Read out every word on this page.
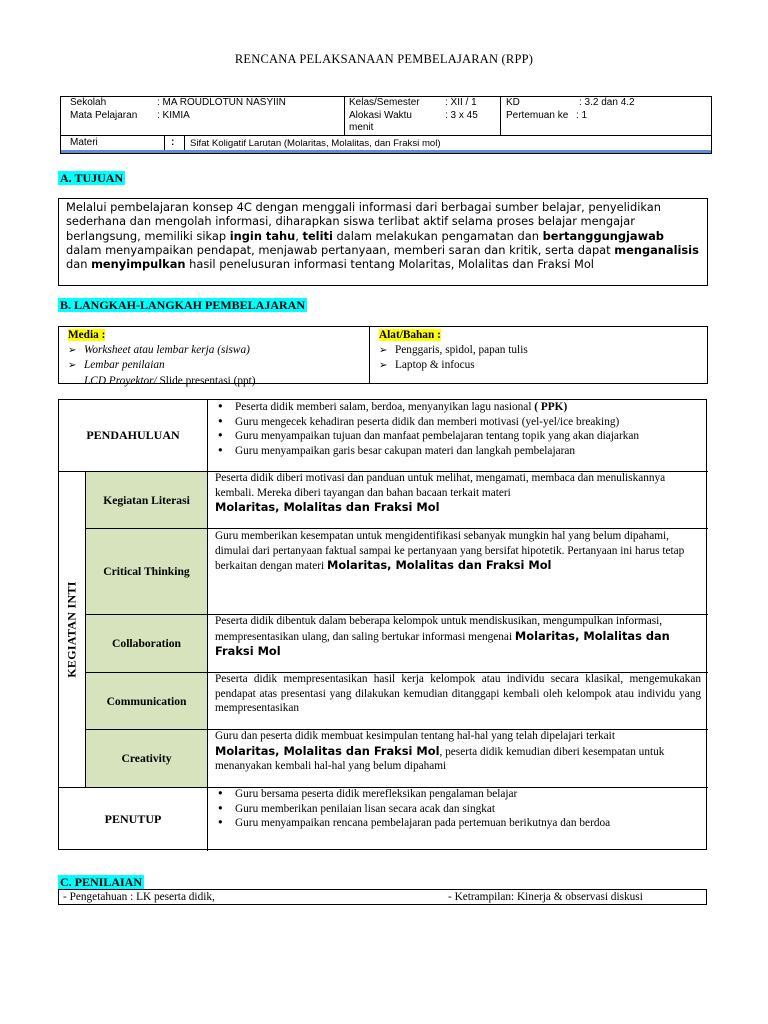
RENCANA PELAKSANAAN PEMBELAJARAN (RPP)
Sekolah	: MA ROUDLOTUN NASYIIN
Mata Pelajaran : KIMIA
Kelas/Semester	: XII / 1
Alokasi Waktu	: 3 x 45
menit
KD	: 3.2 dan 4.2
Pertemuan ke : 1
Materi	: Sifat Koligatif Larutan (Molaritas, Molalitas, dan Fraksi mol)
A. TUJUAN
Melalui pembelajaran konsep 4C dengan menggali informasi dari berbagai sumber belajar, penyelidikan sederhana dan mengolah informasi, diharapkan siswa terlibat aktif selama proses belajar mengajar berlangsung, memiliki sikap ingin tahu, teliti dalam melakukan pengamatan dan bertanggungjawab dalam menyampaikan pendapat, menjawab pertanyaan, memberi saran dan kritik, serta dapat menganalisis dan menyimpulkan hasil penelusuran informasi tentang Molaritas, Molalitas dan Fraksi Mol
B. LANGKAH-LANGKAH PEMBELAJARAN
Media :
➢ Worksheet atau lembar kerja (siswa)
➢ Lembar penilaian
LCD Proyektor/ Slide presentasi (ppt)
Alat/Bahan :
➢ Penggaris, spidol, papan tulis
➢ Laptop & infocus
PENDAHULUAN
• Peserta didik memberi salam, berdoa, menyanyikan lagu nasional ( PPK)
• Guru mengecek kehadiran peserta didik dan memberi motivasi (yel-yel/ice breaking)
• Guru menyampaikan tujuan dan manfaat pembelajaran tentang topik yang akan diajarkan
• Guru menyampaikan garis besar cakupan materi dan langkah pembelajaran
KEGIATAN INTI
Kegiatan Literasi
Peserta didik diberi motivasi dan panduan untuk melihat, mengamati, membaca dan menuliskannya kembali. Mereka diberi tayangan dan bahan bacaan terkait materi
Molaritas, Molalitas dan Fraksi Mol
Critical Thinking
Guru memberikan kesempatan untuk mengidentifikasi sebanyak mungkin hal yang belum dipahami, dimulai dari pertanyaan faktual sampai ke pertanyaan yang bersifat hipotetik. Pertanyaan ini harus tetap berkaitan dengan materi Molaritas, Molalitas dan Fraksi Mol
Collaboration
Peserta didik dibentuk dalam beberapa kelompok untuk mendiskusikan, mengumpulkan informasi, mempresentasikan ulang, dan saling bertukar informasi mengenai Molaritas, Molalitas dan Fraksi Mol
Communication
Peserta didik mempresentasikan hasil kerja kelompok atau individu secara klasikal, mengemukakan pendapat atas presentasi yang dilakukan kemudian ditanggapi kembali oleh kelompok atau individu yang mempresentasikan
Creativity
Guru dan peserta didik membuat kesimpulan tentang hal-hal yang telah dipelajari terkait
Molaritas, Molalitas dan Fraksi Mol, peserta didik kemudian diberi kesempatan untuk menanyakan kembali hal-hal yang belum dipahami
PENUTUP
• Guru bersama peserta didik merefleksikan pengalaman belajar
• Guru memberikan penilaian lisan secara acak dan singkat
• Guru menyampaikan rencana pembelajaran pada pertemuan berikutnya dan berdoa
C. PENILAIAN
- Pengetahuan : LK peserta didik,	- Ketrampilan: Kinerja & observasi diskusi
